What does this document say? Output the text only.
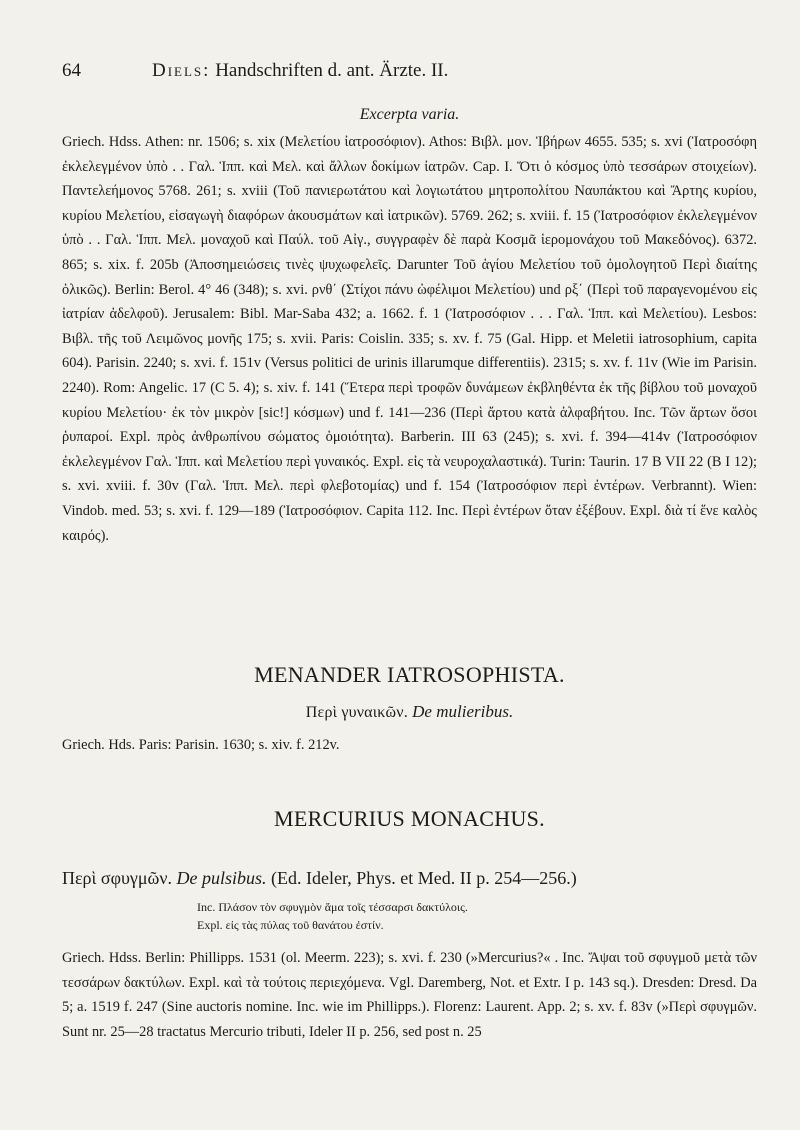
64	Diels: Handschriften d. ant. Ärzte. II.
Excerpta varia.

Griech. Hdss. Athen: nr. 1506; s. xix (Μελετίου ἰατροσόφιον). Athos: Βιβλ. μον. Ἰβήρων 4655. 535; s. xvi (Ἰατροσόφη ἐκλελεγμένον ὑπὸ . . Γαλ. Ἱππ. καὶ Μελ. καὶ ἄλλων δοκίμων ἰατρῶν. Cap. I. Ὅτι ὁ κόσμος ὑπὸ τεσσάρων στοιχείων). Παντελεήμονος 5768. 261; s. xviii (Τοῦ πανιερωτάτου καὶ λογιωτάτου μητροπολίτου Ναυπάκτου καὶ Ἄρτης κυρίου, κυρίου Μελετίου, εἰσαγωγὴ διαφόρων ἀκουσμάτων καὶ ἰατρικῶν). 5769. 262; s. xviii. f. 15 (Ἰατροσόφιον ἐκλελεγμένον ὑπὸ . . Γαλ. Ἱππ. Μελ. μοναχοῦ καὶ Παύλ. τοῦ Αἰγ., συγγραφὲν δὲ παρὰ Κοσμᾶ ἱερομονάχου τοῦ Μακεδόνος). 6372. 865; s. xix. f. 205b (Ἀποσημειώσεις τινὲς ψυχωφελεῖς. Darunter Τοῦ ἁγίου Μελετίου τοῦ ὁμολογητοῦ Περὶ διαίτης ὁλικῶς). Berlin: Berol. 4° 46 (348); s. xvi. ρνθ΄ (Στίχοι πάνυ ὠφέλιμοι Μελετίου) und ρξ΄ (Περὶ τοῦ παραγενομένου εἰς ἰατρίαν ἀδελφοῦ). Jerusalem: Bibl. Mar-Saba 432; a. 1662. f. 1 (Ἰατροσόφιον . . . Γαλ. Ἱππ. καὶ Μελετίου). Lesbos: Βιβλ. τῆς τοῦ Λειμῶνος μονῆς 175; s. xvii. Paris: Coislin. 335; s. xv. f. 75 (Gal. Hipp. et Meletii iatrosophium, capita 604). Parisin. 2240; s. xvi. f. 151v (Versus politici de urinis illarumque differentiis). 2315; s. xv. f. 11v (Wie im Parisin. 2240). Rom: Angelic. 17 (C 5. 4); s. xiv. f. 141 (Ἕτερα περὶ τροφῶν δυνάμεων ἐκβληθέντα ἐκ τῆς βίβλου τοῦ μοναχοῦ κυρίου Μελετίου· ἐκ τὸν μικρὸν [sic!] κόσμων) und f. 141—236 (Περὶ ἄρτου κατὰ ἀλφαβήτου. Inc. Τῶν ἄρτων ὅσοι ῥυπαροί. Expl. πρὸς ἀνθρωπίνου σώματος ὁμοιότητα). Barberin. III 63 (245); s. xvi. f. 394—414v (Ἰατροσόφιον ἐκλελεγμένον Γαλ. Ἱππ. καὶ Μελετίου περὶ γυναικός. Expl. εἰς τὰ νευροχαλαστικά). Turin: Taurin. 17 B VII 22 (B I 12); s. xvi. xviii. f. 30v (Γαλ. Ἱππ. Μελ. περὶ φλεβοτομίας) und f. 154 (Ἰατροσόφιον περὶ ἐντέρων. Verbrannt). Wien: Vindob. med. 53; s. xvi. f. 129—189 (Ἰατροσόφιον. Capita 112. Inc. Περὶ ἐντέρων ὅταν ἐξέβουν. Expl. διὰ τί ἕνε καλὸς καιρός).

MENANDER IATROSOPHISTA.
Περὶ γυναικῶν. De mulieribus.

Griech. Hds. Paris: Parisin. 1630; s. xiv. f. 212v.

MERCURIUS MONACHUS.
Περὶ σφυγμῶν. De pulsibus. (Ed. Ideler, Phys. et Med. II p. 254—256.)
Inc. Πλάσον τὸν σφυγμὸν ἅμα τοῖς τέσσαρσι δακτύλοις.
Expl. εἰς τὰς πύλας τοῦ θανάτου ἐστίν.

Griech. Hdss. Berlin: Phillipps. 1531 (ol. Meerm. 223); s. xvi. f. 230 (»Mercurius?« . Inc. Ἄψαι τοῦ σφυγμοῦ μετὰ τῶν τεσσάρων δακτύλων. Expl. καὶ τὰ τούτοις περιεχόμενα. Vgl. Daremberg, Not. et Extr. I p. 143 sq.). Dresden: Dresd. Da 5; a. 1519 f. 247 (Sine auctoris nomine. Inc. wie im Phillipps.). Florenz: Laurent. App. 2; s. xv. f. 83v (»Περὶ σφυγμῶν. Sunt nr. 25—28 tractatus Mercurio tributi, Ideler II p. 256, sed post n. 25
